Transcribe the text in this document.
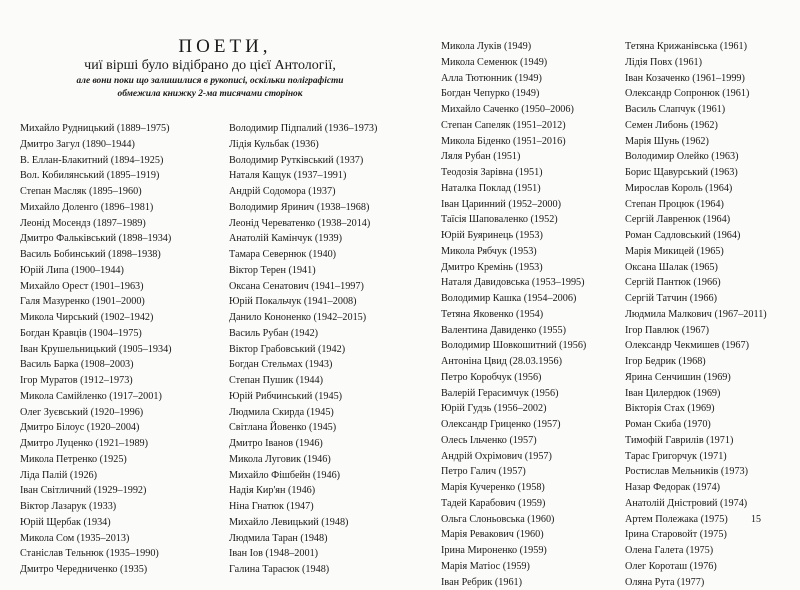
ПОЕТИ,
чиї вірші було відібрано до цієї Антології,
але вони поки що залишилися в рукописі, оскільки поліграфісти
обмежила книжку 2-ма тисячами сторінок
Михайло Рудницький (1889–1975)
Дмитро Загул (1890–1944)
В. Еллан-Блакитний (1894–1925)
Вол. Кобилянський (1895–1919)
Степан Масляк (1895–1960)
Михайло Доленго (1896–1981)
Леонід Мосендз (1897–1989)
Дмитро Фальківський (1898–1934)
Василь Бобинський (1898–1938)
Юрій Липа (1900–1944)
Михайло Орест (1901–1963)
Галя Мазуренко (1901–2000)
Микола Чирський (1902–1942)
Богдан Кравців (1904–1975)
Іван Крушельницький (1905–1934)
Василь Барка (1908–2003)
Ігор Муратов (1912–1973)
Микола Самійленко (1917–2001)
Олег Зуєвський (1920–1996)
Дмитро Білоус (1920–2004)
Дмитро Луценко (1921–1989)
Микола Петренко (1925)
Ліда Палій (1926)
Іван Світличний (1929–1992)
Віктор Лазарук (1933)
Юрій Щербак (1934)
Микола Сом (1935–2013)
Станіслав Тельнюк (1935–1990)
Дмитро Чередниченко (1935)
Володимир Підпалий (1936–1973)
Лідія Кульбак (1936)
Володимир Рутківський (1937)
Наталя Кащук (1937–1991)
Андрій Содомора (1937)
Володимир Яринич (1938–1968)
Леонід Череватенко (1938–2014)
Анатолій Камінчук (1939)
Тамара Севернюк (1940)
Віктор Терен (1941)
Оксана Сенатович (1941–1997)
Юрій Покальчук (1941–2008)
Данило Кононенко (1942–2015)
Василь Рубан (1942)
Віктор Грабовський (1942)
Богдан Стельмах (1943)
Степан Пушик (1944)
Юрій Рибчинський (1945)
Людмила Скирда (1945)
Світлана Йовенко (1945)
Дмитро Іванов (1946)
Микола Луговик (1946)
Михайло Фішбейн (1946)
Надія Кир'ян (1946)
Ніна Гнатюк (1947)
Михайло Левицький (1948)
Людмила Таран (1948)
Іван Іов (1948–2001)
Галина Тарасюк (1948)
Микола Луків (1949)
Микола Семенюк (1949)
Алла Тютюнник (1949)
Богдан Чепурко (1949)
Михайло Саченко (1950–2006)
Степан Сапеляк (1951–2012)
Микола Біденко (1951–2016)
Ляля Рубан (1951)
Теодозія Зарівна (1951)
Наталка Поклад (1951)
Іван Царинний (1952–2000)
Таїсія Шаповаленко (1952)
Юрій Буяринець (1953)
Микола Рябчук (1953)
Дмитро Кремінь (1953)
Наталя Давидовська (1953–1995)
Володимир Кашка (1954–2006)
Тетяна Яковенко (1954)
Валентина Давиденко (1955)
Володимир Шовкошитний (1956)
Антоніна Цвид (28.03.1956)
Петро Коробчук (1956)
Валерій Герасимчук (1956)
Юрій Гудзь (1956–2002)
Олександр Гриценко (1957)
Олесь Ільченко (1957)
Андрій Охрімович (1957)
Петро Галич (1957)
Марія Кучеренко (1958)
Тадей Карабович (1959)
Ольга Слоньовська (1960)
Марія Ревакович (1960)
Ірина Мироненко (1959)
Марія Матіос (1959)
Іван Ребрик (1961)
Тетяна Крижанівська (1961)
Лідія Повх (1961)
Іван Козаченко (1961–1999)
Олександр Сопронюк (1961)
Василь Слапчук (1961)
Семен Либонь (1962)
Марія Шунь (1962)
Володимир Олейко (1963)
Борис Щавурський (1963)
Мирослав Король (1964)
Степан Процюк (1964)
Сергій Лавренюк (1964)
Роман Садловський (1964)
Марія Микицей (1965)
Оксана Шалак (1965)
Сергій Пантюк (1966)
Сергій Татчин (1966)
Людмила Малкович (1967–2011)
Ігор Павлюк (1967)
Олександр Чекмишев (1967)
Ігор Бедрик (1968)
Ярина Сенчишин (1969)
Іван Цилердюк (1969)
Вікторія Стах (1969)
Роман Скиба (1970)
Тимофій Гаврилів (1971)
Тарас Григорчук (1971)
Ростислав Мельників (1973)
Назар Федорак (1974)
Анатолій Дністровий (1974)
Артем Полежака (1975)
Ірина Старовойт (1975)
Олена Галета (1975)
Олег Короташ (1976)
Оляна Рута (1977)
15
